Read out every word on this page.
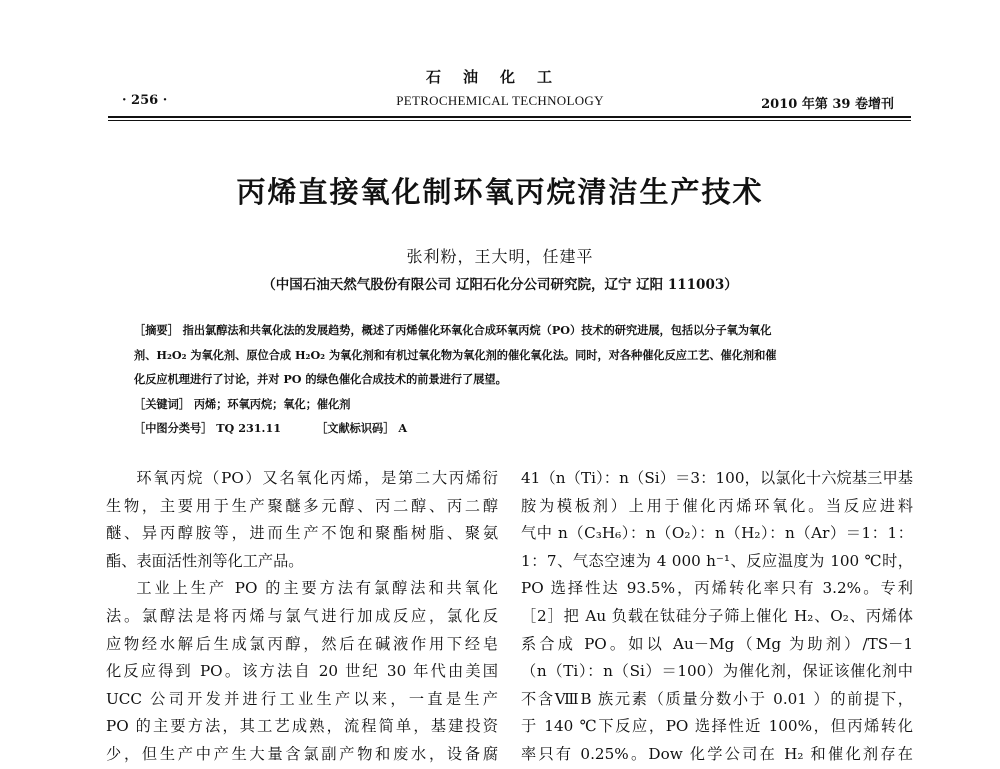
石油化工
· 256 ·	PETROCHEMICAL TECHNOLOGY	2010 年第 39 卷增刊
丙烯直接氧化制环氧丙烷清洁生产技术
张利粉，王大明，任建平
（中国石油天然气股份有限公司 辽阳石化分公司研究院，辽宁 辽阳 111003）

［摘要］ 指出氯醇法和共氧化法的发展趋势，概述了丙烯催化环氧化合成环氧丙烷（PO）技术的研究进展，包括以分子氧为氧化
剂、H₂O₂ 为氧化剂、原位合成 H₂O₂ 为氧化剂和有机过氧化物为氧化剂的催化氧化法。同时，对各种催化反应工艺、催化剂和催
化反应机理进行了讨论，并对 PO 的绿色催化合成技术的前景进行了展望。

［关键词］ 丙烯；环氧丙烷；氧化；催化剂

［中图分类号］ TQ 231.11	［文献标识码］ A

环氧丙烷（PO）又名氧化丙烯，是第二大丙烯衍
生物，主要用于生产聚醚多元醇、丙二醇、丙二醇
醚、异丙醇胺等，进而生产不饱和聚酯树脂、聚氨
酯、表面活性剂等化工产品。

工业上生产 PO 的主要方法有氯醇法和共氧化
法。氯醇法是将丙烯与氯气进行加成反应，氯化反
应物经水解后生成氯丙醇，然后在碱液作用下经皂
化反应得到 PO。该方法自 20 世纪 30 年代由美国
UCC 公司开发并进行工业生产以来，一直是生产
PO 的主要方法，其工艺成熟，流程简单，基建投资
少，但生产中产生大量含氯副产物和废水，设备腐

41（n（Ti）：n（Si）＝3：100，以氯化十六烷基三甲基
胺为模板剂）上用于催化丙烯环氧化。当反应进料
气中 n（C₃H₆）：n（O₂）：n（H₂）：n（Ar）＝1：1：
1：7、气态空速为 4 000 h⁻¹、反应温度为 100 ℃时，
PO 选择性达 93.5%，丙烯转化率只有 3.2%。专利
［2］把 Au 负载在钛硅分子筛上催化 H₂、O₂、丙烯体
系合成 PO。如以 Au－Mg（Mg 为助剂）/TS－1
（n（Ti）：n（Si）＝100）为催化剂，保证该催化剂中
不含ⅧB 族元素（质量分数小于 0.01 ）的前提下，
于 140 ℃下反应，PO 选择性近 100%，但丙烯转化
率只有 0.25%。Dow 化学公司在 H₂ 和催化剂存在
